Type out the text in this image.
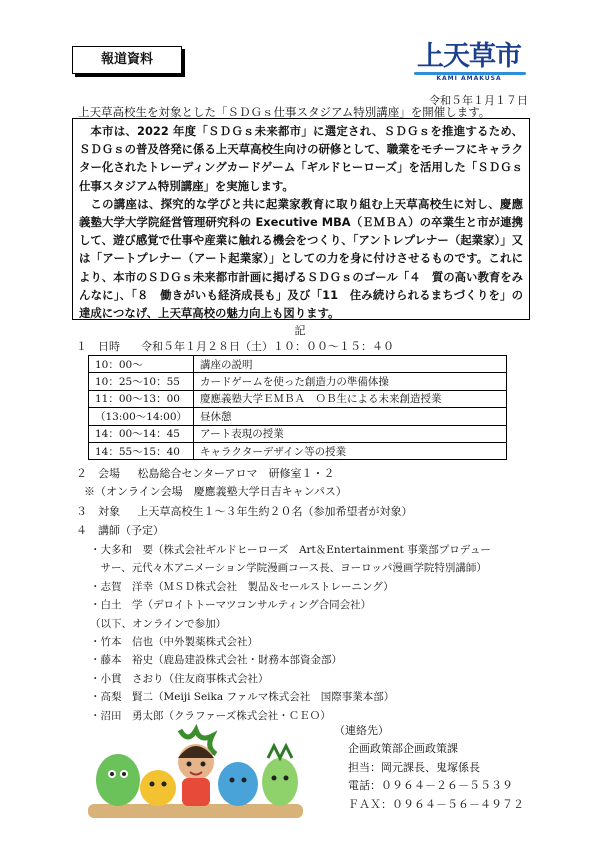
報道資料	上天草市
KAMI AMAKUSA
令和５年１月１７日
上天草高校生を対象とした「ＳＤＧｓ仕事スタジアム特別講座」を開催します。

本市は、2022 年度「ＳＤＧｓ未来都市」に選定され、ＳＤＧｓを推進するため、ＳＤＧｓの普及啓発に係る上天草高校生向けの研修として、職業をモチーフにキャラクター化されたトレーディングカードゲーム「ギルドヒーローズ」を活用した「ＳＤＧｓ仕事スタジアム特別講座」を実施します。

この講座は、探究的な学びと共に起業家教育に取り組む上天草高校生に対し、慶應義塾大学大学院経営管理研究科の Executive MBA（ＥＭＢＡ）の卒業生と市が連携して、遊び感覚で仕事や産業に触れる機会をつくり、「アントレプレナー（起業家）」又は「アートプレナー（アート起業家）」としての力を身に付けさせるものです。これにより、本市のＳＤＧｓ未来都市計画に掲げるＳＤＧｓのゴール「４　質の高い教育をみんなに」、「８　働きがいも経済成長も」及び「11　住み続けられるまちづくりを」の達成につなげ、上天草高校の魅力向上も図ります。

記
１ 日時 令和５年１月２８日（土）１０：００～１５：４０
10：00～	講座の説明
10：25～10：55	カードゲームを使った創造力の準備体操
11：00～13：00	慶應義塾大学ＥＭＢＡ　ＯＢ生による未来創造授業
（13:00～14:00）	昼休憩
14：00～14：45	アート表現の授業
14：55～15：40	キャラクターデザイン等の授業
２ 会場 松島総合センターアロマ　研修室１・２
※（オンライン会場　慶應義塾大学日吉キャンパス）
３ 対象 上天草高校生１～３年生約２０名（参加希望者が対象）
４ 講師（予定）
・大多和　要（株式会社ギルドヒーローズ　Art＆Entertainment 事業部プロデュー
　サー、元代々木アニメーション学院漫画コース長、ヨーロッパ漫画学院特別講師）
・志賀　洋幸（ＭＳＤ株式会社　製品＆セールストレーニング）
・白土　学（デロイトトーマツコンサルティング合同会社）
（以下、オンラインで参加）
・竹本　信也（中外製薬株式会社）
・藤本　裕史（鹿島建設株式会社・財務本部資金部）
・小貫　さおり（住友商事株式会社）
・高梨　賢二（Meiji Seika ファルマ株式会社　国際事業本部）
・沼田　勇太郎（クラファーズ株式会社・ＣＥＯ）
（連絡先）
企画政策部企画政策課
担当：岡元課長、鬼塚係長
電話：０９６４－２６－５５３９
ＦＡＸ：０９６４－５６－４９７２
